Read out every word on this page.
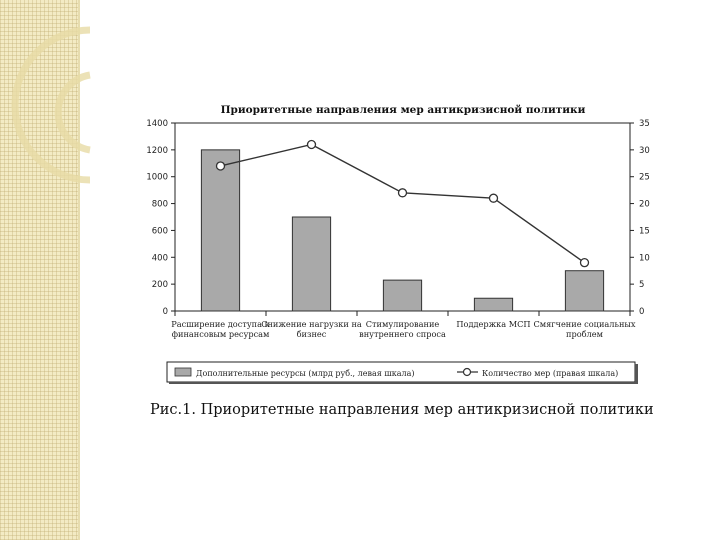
Приоритетные направления мер антикризисной политики
0
200
400
600
800
1000
1200
1400
0
5
10
15
20
25
30
35
Расширение доступа к финансовым ресурсам
Снижение нагрузки на бизнес
Стимулирование внутреннего спроса
Поддержка МСП Смягчение социальных проблем
Дополнительные ресурсы (млрд руб., левая шкала)	Количество мер (правая шкала)
Рис.1. Приоритетные направления мер антикризисной политики
